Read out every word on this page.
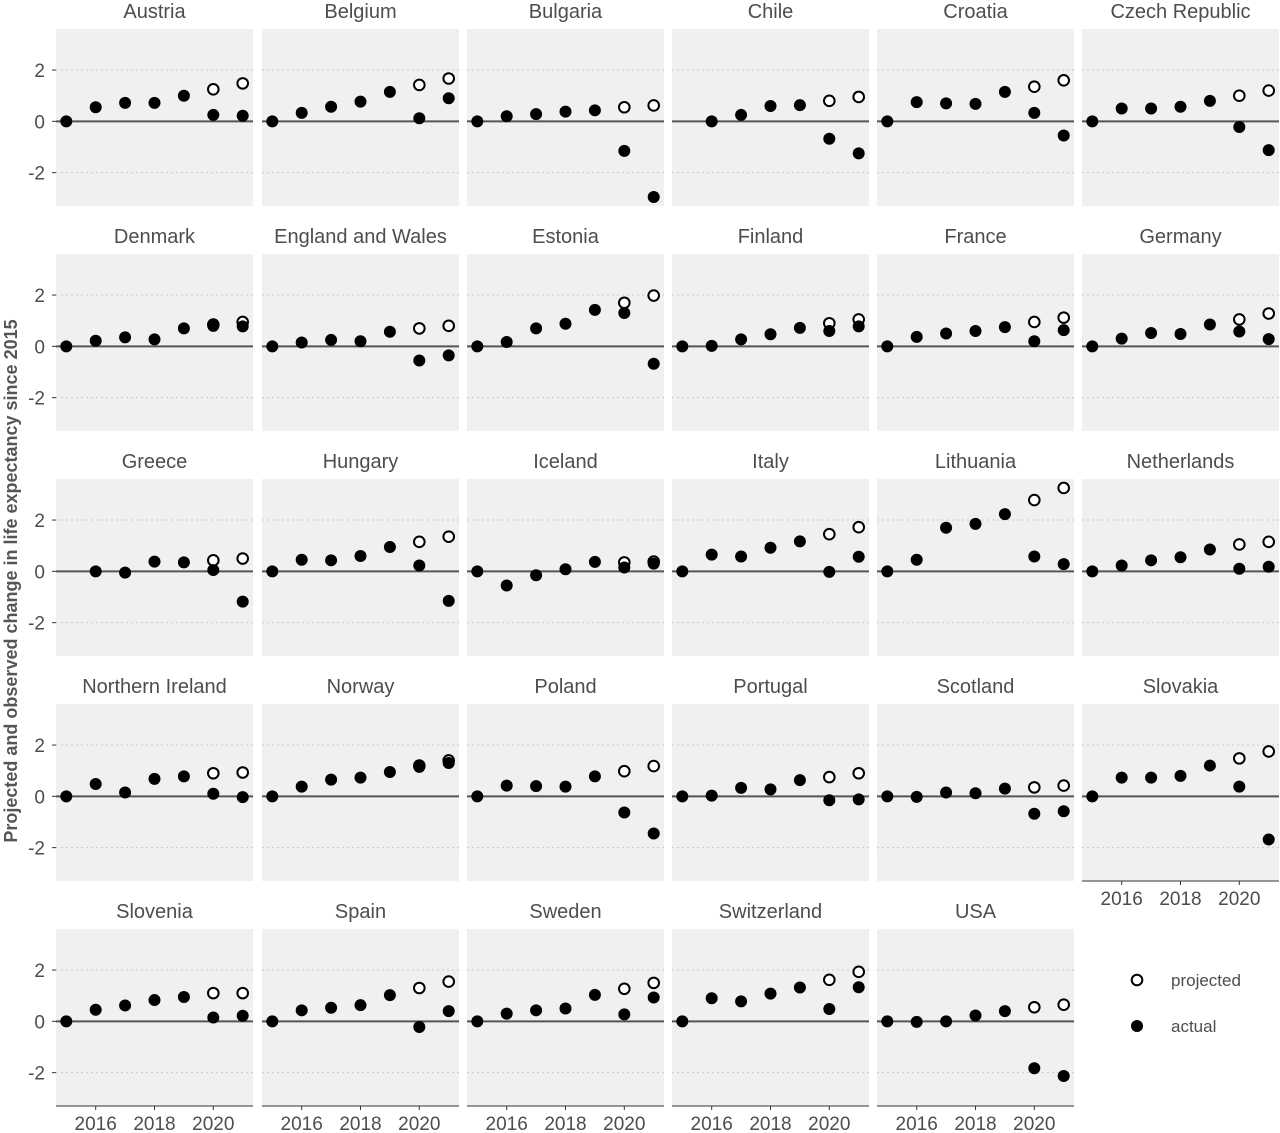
Projected and observed change in life expectancy since 2015
Austria
-2
0
2
Belgium	Bulgaria	Chile	Croatia	Czech Republic
Denmark
-2
0
2
England and Wales	Estonia	Finland	France	Germany
Greece
-2
0
2
Hungary	Iceland	Italy	Lithuania	Netherlands
Northern Ireland
-2
0
2
Norway	Poland	Portugal	Scotland	Slovakia
2016 2018 2020
Slovenia
-2
0
2
2016 2018 2020
Spain
2016 2018 2020
Sweden
2016 2018 2020
Switzerland
2016 2018 2020
USA
2016 2018 2020
projected
actual
